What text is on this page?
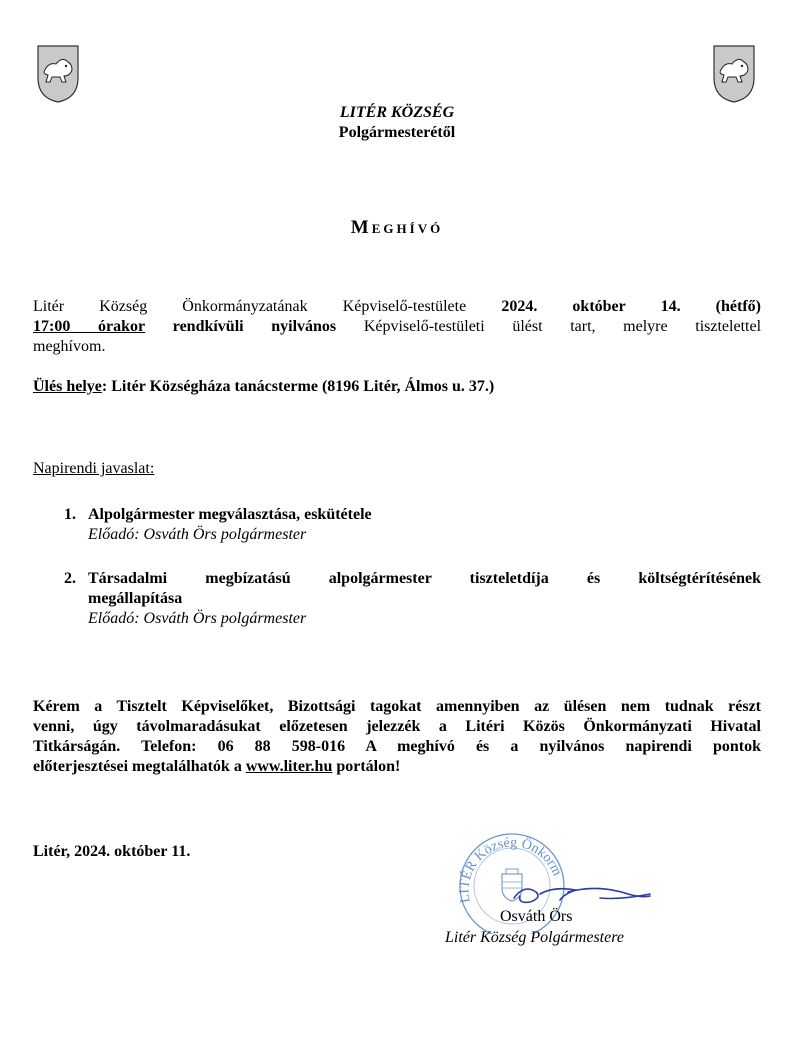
LITÉR KÖZSÉG
Polgármesterétől
MEGHÍVÓ
Litér Község Önkormányzatának Képviselő-testülete 2024. október 14. (hétfő)
17:00 órakor rendkívüli nyilvános Képviselő-testületi ülést tart, melyre tisztelettel
meghívom.
Ülés helye: Litér Községháza tanácsterme (8196 Litér, Álmos u. 37.)
Napirendi javaslat:
1. Alpolgármester megválasztása, eskütétele
Előadó: Osváth Örs polgármester
2. Társadalmi megbízatású alpolgármester tiszteletdíja és költségtérítésének
megállapítása
Előadó: Osváth Örs polgármester
Kérem a Tisztelt Képviselőket, Bizottsági tagokat amennyiben az ülésen nem tudnak részt
venni, úgy távolmaradásukat előzetesen jelezzék a Litéri Közös Önkormányzati Hivatal
Titkárságán. Telefon: 06 88 598-016 A meghívó és a nyilvános napirendi pontok
előterjesztései megtalálhatók a www.liter.hu portálon!
Litér, 2024. október 11.
LITÉR Község Önkorm
Osváth Örs
Litér Község Polgármestere
